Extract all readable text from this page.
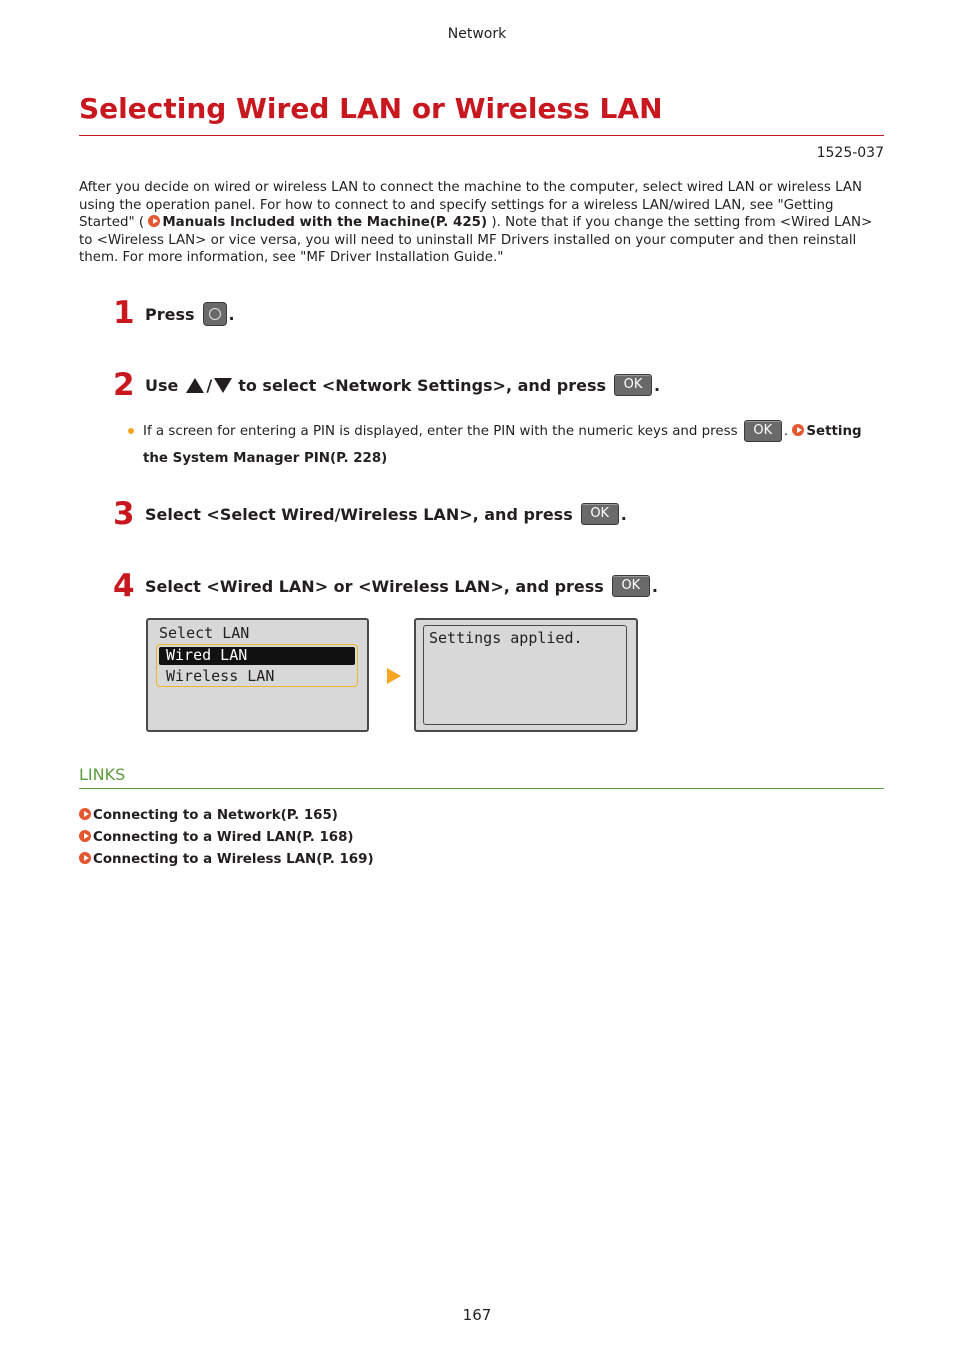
Network
Selecting Wired LAN or Wireless LAN
1525-037
After you decide on wired or wireless LAN to connect the machine to the computer, select wired LAN or wireless LAN using the operation panel. For how to connect to and specify settings for a wireless LAN/wired LAN, see "Getting Started" ( Manuals Included with the Machine(P. 425) ). Note that if you change the setting from <Wired LAN> to <Wireless LAN> or vice versa, you will need to uninstall MF Drivers installed on your computer and then reinstall them. For more information, see "MF Driver Installation Guide."
1 Press .
2 Use / to select <Network Settings>, and press	OK .
If a screen for entering a PIN is displayed, enter the PIN with the numeric keys and press OK . Setting the System Manager PIN(P. 228)
3 Select <Select Wired/Wireless LAN>, and press	OK .
4 Select <Wired LAN> or <Wireless LAN>, and press	OK .
Select LAN
Wired LAN
Wireless LAN
Settings applied.
LINKS
Connecting to a Network(P. 165)
Connecting to a Wired LAN(P. 168)
Connecting to a Wireless LAN(P. 169)
167
